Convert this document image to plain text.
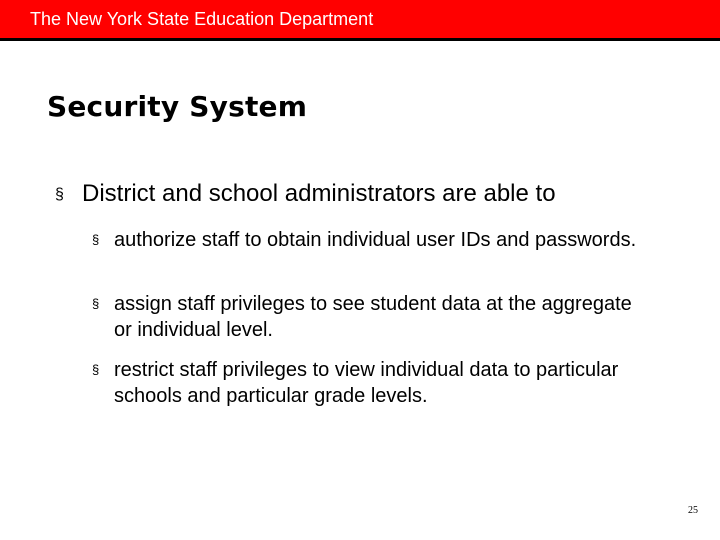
The New York State Education Department
Security System
§ District and school administrators are able to
§ authorize staff to obtain individual user IDs and passwords.
§ assign staff privileges to see student data at the aggregate or individual level.
§ restrict staff privileges to view individual data to particular schools and particular grade levels.
25
